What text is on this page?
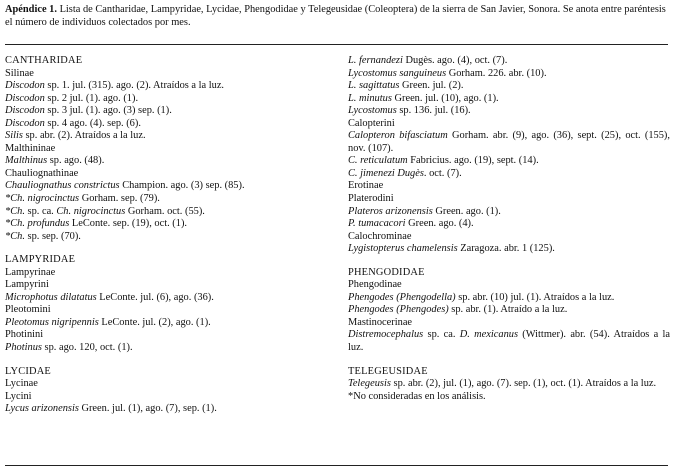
Apéndice 1. Lista de Cantharidae, Lampyridae, Lycidae, Phengodidae y Telegeusidae (Coleoptera) de la sierra de San Javier, Sonora. Se anota entre paréntesis el número de individuos colectados por mes.
CANTHARIDAE
Silinae
Discodon sp. 1. jul. (315). ago. (2). Atraídos a la luz.
Discodon sp. 2 jul. (1). ago. (1).
Discodon sp. 3 jul. (1). ago. (3) sep. (1).
Discodon sp. 4 ago. (4). sep. (6).
Silis sp. abr. (2). Atraídos a la luz.
Malthininae
Malthinus sp. ago. (48).
Chauliognathinae
Chauliognathus constrictus Champion. ago. (3) sep. (85).
*Ch. nigrocinctus Gorham. sep. (79).
*Ch. sp. ca. Ch. nigrocinctus Gorham. oct. (55).
*Ch. profundus LeConte. sep. (19), oct. (1).
*Ch. sp. sep. (70).
LAMPYRIDAE
Lampyrinae
Lampyrini
Microphotus dilatatus LeConte. jul. (6), ago. (36).
Pleotomini
Pleotomus nigripennis LeConte. jul. (2), ago. (1).
Photinini
Photinus sp. ago. 120, oct. (1).
LYCIDAE
Lycinae
Lycini
Lycus arizonensis Green. jul. (1), ago. (7), sep. (1).
L. fernandezi Dugès. ago. (4), oct. (7).
Lycostomus sanguineus Gorham. 226. abr. (10).
L. sagittatus Green. jul. (2).
L. minutus Green. jul. (10), ago. (1).
Lycostomus sp. 136. jul. (16).
Calopterini
Calopteron bifasciatum Gorham. abr. (9), ago. (36), sept. (25), oct. (155), nov. (107).
C. reticulatum Fabricius. ago. (19), sept. (14).
C. jimenezi Dugès. oct. (7).
Erotinae
Platerodini
Plateros arizonensis Green. ago. (1).
P. tumacacori Green. ago. (4).
Calochrominae
Lygistopterus chamelensis Zaragoza. abr. 1 (125).
PHENGODIDAE
Phengodinae
Phengodes (Phengodella) sp. abr. (10) jul. (1). Atraídos a la luz.
Phengodes (Phengodes) sp. abr. (1). Atraído a la luz.
Mastinocerinae
Distremocephalus sp. ca. D. mexicanus (Wittmer). abr. (54). Atraídos a la luz.
TELEGEUSIDAE
Telegeusis sp. abr. (2), jul. (1), ago. (7). sep. (1), oct. (1). Atraídos a la luz.
*No consideradas en los análisis.
